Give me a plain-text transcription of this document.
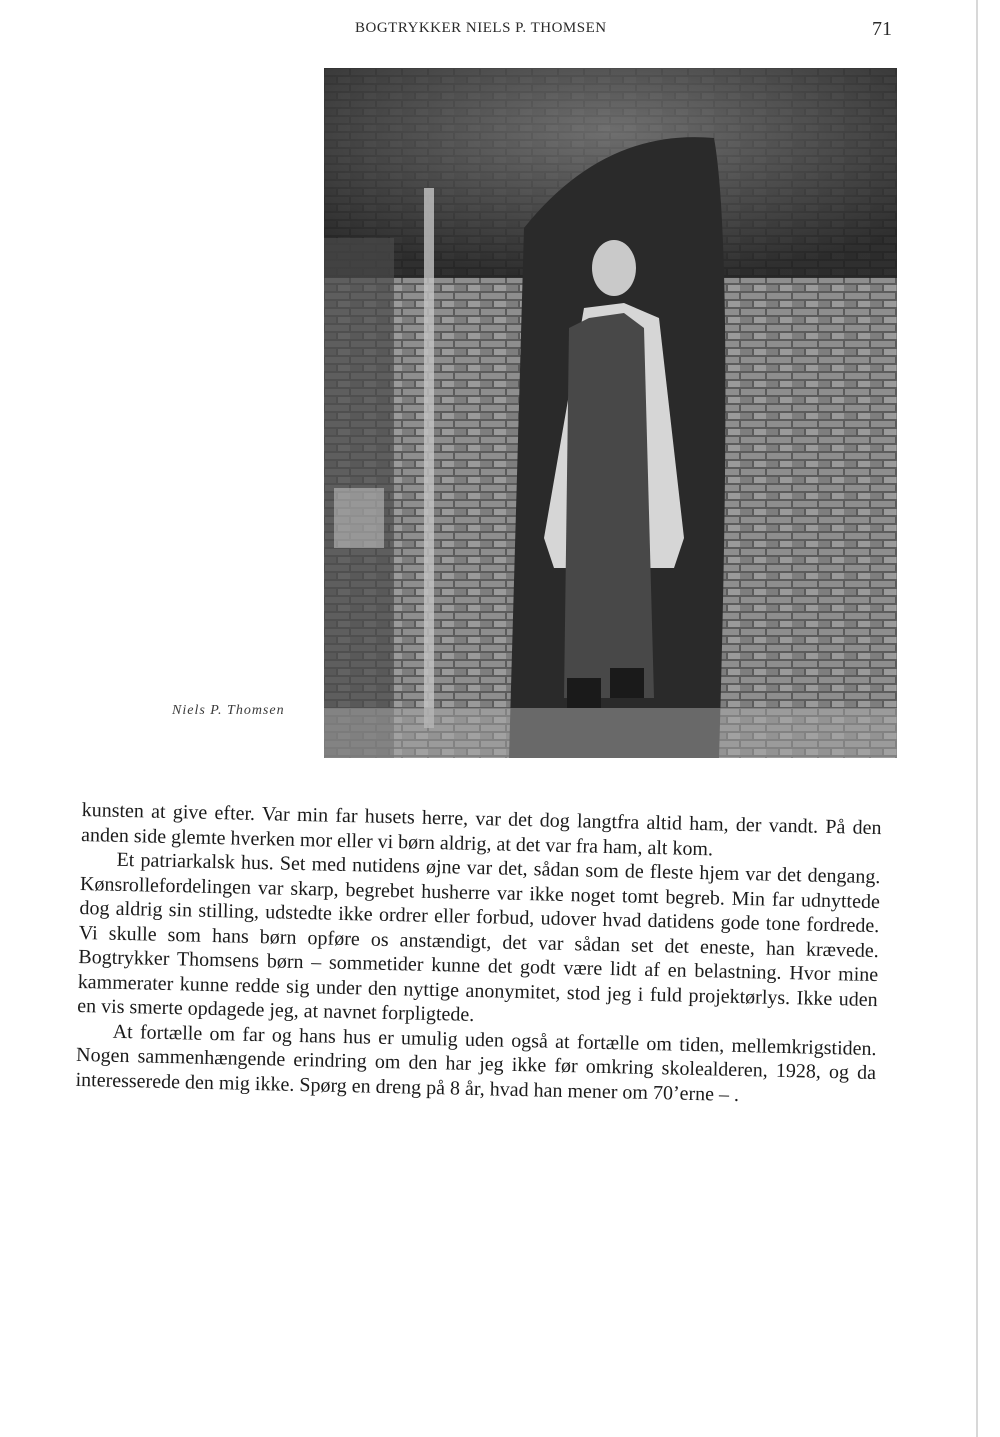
BOGTRYKKER NIELS P. THOMSEN	71
Niels P. Thomsen

kunsten at give efter. Var min far husets herre, var det dog langtfra altid ham, der vandt. På den anden side glemte hverken mor eller vi børn aldrig, at det var fra ham, alt kom.

Et patriarkalsk hus. Set med nutidens øjne var det, sådan som de fleste hjem var det dengang. Kønsrollefordelingen var skarp, begrebet husherre var ikke noget tomt begreb. Min far udnyttede dog aldrig sin stilling, udstedte ikke ordrer eller forbud, udover hvad datidens gode tone fordrede. Vi skulle som hans børn opføre os anstændigt, det var sådan set det eneste, han krævede. Bogtrykker Thomsens børn – sommetider kunne det godt være lidt af en belastning. Hvor mine kammerater kunne redde sig under den nyttige anonymitet, stod jeg i fuld projektørlys. Ikke uden en vis smerte opdagede jeg, at navnet forpligtede.

At fortælle om far og hans hus er umulig uden også at fortælle om tiden, mellemkrigstiden. Nogen sammenhængende erindring om den har jeg ikke før omkring skolealderen, 1928, og da interesserede den mig ikke. Spørg en dreng på 8 år, hvad han mener om 70’erne – .
